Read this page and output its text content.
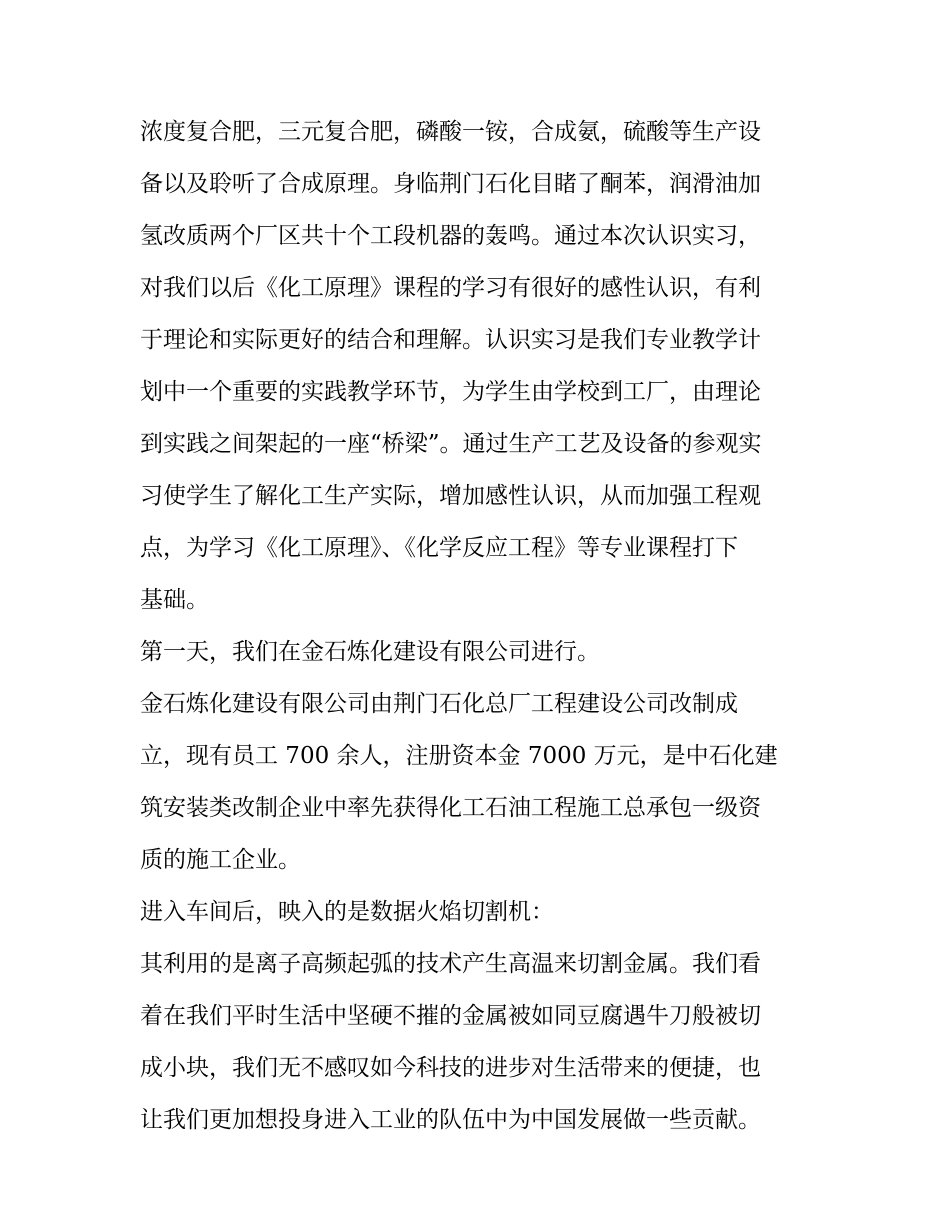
浓度复合肥，三元复合肥，磷酸一铵，合成氨，硫酸等生产设
备以及聆听了合成原理。身临荆门石化目睹了酮苯，润滑油加
氢改质两个厂区共十个工段机器的轰鸣。通过本次认识实习，
对我们以后《化工原理》课程的学习有很好的感性认识，有利
于理论和实际更好的结合和理解。认识实习是我们专业教学计
划中一个重要的实践教学环节，为学生由学校到工厂，由理论
到实践之间架起的一座“桥梁”。通过生产工艺及设备的参观实
习使学生了解化工生产实际，增加感性认识，从而加强工程观
点，为学习《化工原理》、《化学反应工程》等专业课程打下
基础。
第一天，我们在金石炼化建设有限公司进行。
金石炼化建设有限公司由荆门石化总厂工程建设公司改制成
立，现有员工 700 余人，注册资本金 7000 万元，是中石化建
筑安装类改制企业中率先获得化工石油工程施工总承包一级资
质的施工企业。
进入车间后，映入的是数据火焰切割机：
其利用的是离子高频起弧的技术产生高温来切割金属。我们看
着在我们平时生活中坚硬不摧的金属被如同豆腐遇牛刀般被切
成小块，我们无不感叹如今科技的进步对生活带来的便捷，也
让我们更加想投身进入工业的队伍中为中国发展做一些贡献。
